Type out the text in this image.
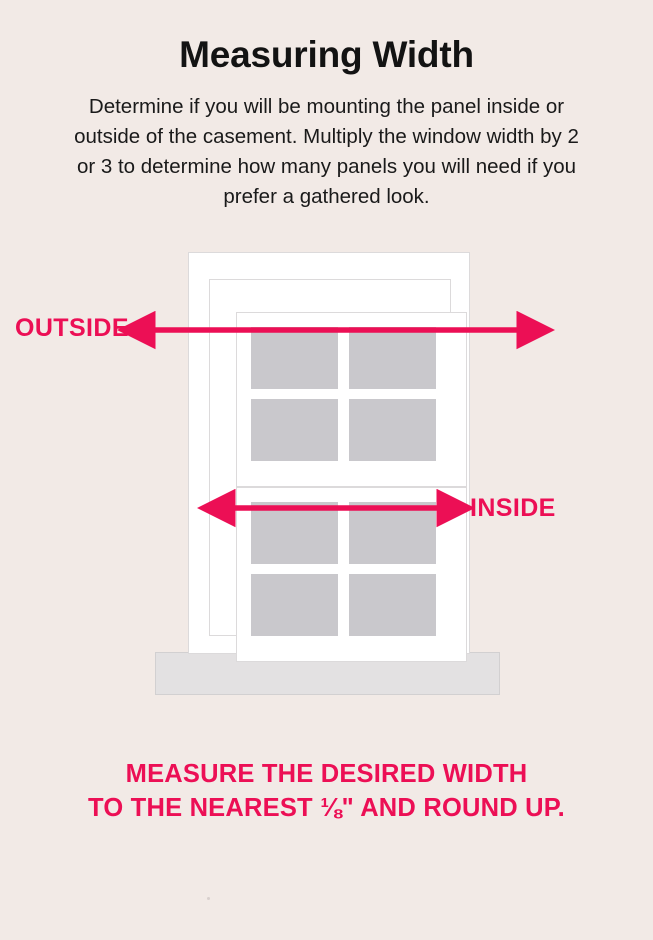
Measuring Width
Determine if you will be mounting the panel inside or outside of the casement. Multiply the window width by 2 or 3 to determine how many panels you will need if you prefer a gathered look.
OUTSIDE
INSIDE
MEASURE THE DESIRED WIDTH
TO THE NEAREST ⅛" AND ROUND UP.
